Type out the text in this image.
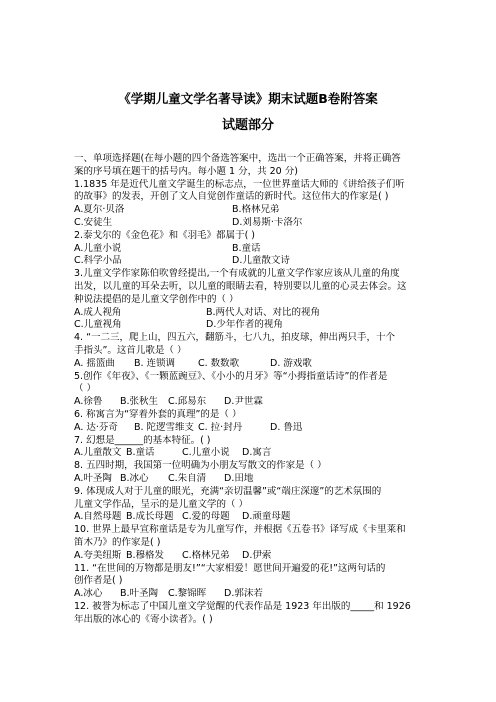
《学期儿童文学名著导读》期末试题B卷附答案
试题部分
一、单项选择题(在每小题的四个备选答案中，选出一个正确答案，并将正确答
案的序号填在题干的括号内。每小题 1 分，共 20 分)
1.1835 年是近代儿童文学诞生的标志点，一位世界童话大师的《讲给孩子们听
的故事》的发表，开创了文人自觉创作童话的新时代。这位伟大的作家是( )
A.夏尔·贝洛	B.格林兄弟
C.安徒生	D.刘易斯·卡洛尔
2.泰戈尔的《金色花》和《羽毛》都属于( )
A.儿童小说	B.童话
C.科学小品	D.儿童散文诗
3.儿童文学作家陈伯吹曾经提出,一个有成就的儿童文学作家应该从儿童的角度
出发，以儿童的耳朵去听，以儿童的眼睛去看，特别要以儿童的心灵去体会。这
种说法提倡的是儿童文学创作中的（ ）
A.成人视角	B.两代人对话、对比的视角
C.儿童视角	D.少年作者的视角
4. “一二三，爬上山，四五六，翻筋斗，七八九，拍皮球，伸出两只手，十个
手指头”。这首儿歌是（ ）
A. 摇篮曲	B. 连锁调	C. 数数歌	D. 游戏歌
5.创作《年夜》、《一颗蓝豌豆》、《小小的月牙》等“小拇指童话诗”的作者是
（ ）
A.徐鲁	B.张秋生	C.邱易东	D.尹世霖
6. 称寓言为“穿着外套的真理”的是（ ）
A. 达·芬奇	B. 陀逻雪维支 C. 拉·封丹	D. 鲁迅
7. 幻想是______的基本特征。( )
A.儿童散文 B.童话	C.儿童小说	D.寓言
8. 五四时期，我国第一位明确为小朋友写散文的作家是（ ）
A.叶圣陶 B.冰心	C.朱自清	D.田地
9. 体现成人对于儿童的眼光，充满“亲切温馨”或“端庄深邃”的艺术氛围的
儿童文学作品，呈示的是儿童文学的（ ）
A.自然母题 B.成长母题 C.爱的母题	D.顽童母题
10. 世界上最早宣称童话是专为儿童写作，并根据《五卷书》译写成《卡里莱和
笛木乃》的作家是( )
A.夸美纽斯 B.穆格发	C.格林兄弟	D.伊索
11. “在世间的万物都是朋友!”“大家相爱！愿世间开遍爱的花!”这两句话的
创作者是( )
A.冰心	B.叶圣陶	C.黎锦晖	D.郭沫若
12. 被誉为标志了中国儿童文学觉醒的代表作品是 1923 年出版的_____和 1926
年出版的冰心的《寄小读者》。( )
